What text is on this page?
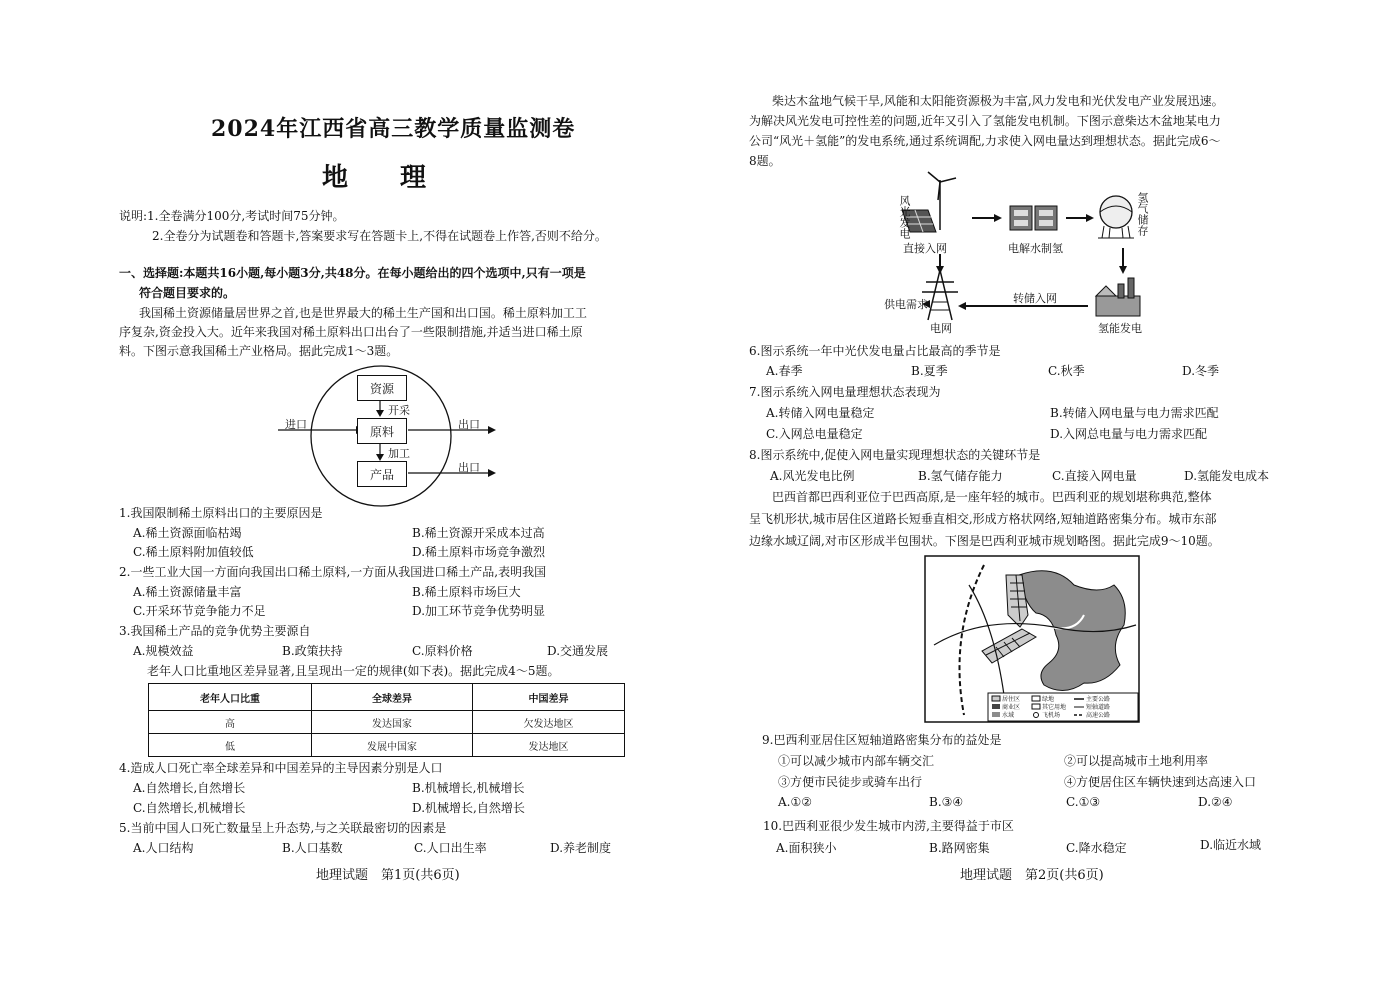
2024年江西省高三教学质量监测卷
地　　理
说明:1.全卷满分100分,考试时间75分钟。
2.全卷分为试题卷和答题卡,答案要求写在答题卡上,不得在试题卷上作答,否则不给分。
一、选择题:本题共16小题,每小题3分,共48分。在每小题给出的四个选项中,只有一项是
符合题目要求的。
我国稀土资源储量居世界之首,也是世界最大的稀土生产国和出口国。稀土原料加工工
序复杂,资金投入大。近年来我国对稀土原料出口出台了一些限制措施,并适当进口稀土原
料。下图示意我国稀土产业格局。据此完成1～3题。
资源
原料
产品
开采
加工
进口	出口
出口
1.我国限制稀土原料出口的主要原因是
A.稀土资源面临枯竭	B.稀土资源开采成本过高
C.稀土原料附加值较低	D.稀土原料市场竞争激烈
2.一些工业大国一方面向我国出口稀土原料,一方面从我国进口稀土产品,表明我国
A.稀土资源储量丰富	B.稀土原料市场巨大
C.开采环节竞争能力不足	D.加工环节竞争优势明显
3.我国稀土产品的竞争优势主要源自
A.规模效益	B.政策扶持	C.原料价格	D.交通发展
老年人口比重地区差异显著,且呈现出一定的规律(如下表)。据此完成4～5题。
老年人口比重	全球差异	中国差异
高	发达国家	欠发达地区
低	发展中国家	发达地区
4.造成人口死亡率全球差异和中国差异的主导因素分别是人口
A.自然增长,自然增长	B.机械增长,机械增长
C.自然增长,机械增长	D.机械增长,自然增长
5.当前中国人口死亡数量呈上升态势,与之关联最密切的因素是
A.人口结构	B.人口基数	C.人口出生率	D.养老制度
地理试题　第1页(共6页)
柴达木盆地气候干旱,风能和太阳能资源极为丰富,风力发电和光伏发电产业发展迅速。
为解决风光发电可控性差的问题,近年又引入了氢能发电机制。下图示意柴达木盆地某电力
公司“风光＋氢能”的发电系统,通过系统调配,力求使入网电量达到理想状态。据此完成6～
8题。
风光发电
直接入网	电解水制氢
氢气储存
氢能发电
转储入网
供电需求
电网
6.图示系统一年中光伏发电量占比最高的季节是
A.春季	B.夏季	C.秋季	D.冬季
7.图示系统入网电量理想状态表现为
A.转储入网电量稳定	B.转储入网电量与电力需求匹配
C.入网总电量稳定	D.入网总电量与电力需求匹配
8.图示系统中,促使入网电量实现理想状态的关键环节是
A.风光发电比例	B.氢气储存能力	C.直接入网电量	D.氢能发电成本
巴西首都巴西利亚位于巴西高原,是一座年轻的城市。巴西利亚的规划堪称典范,整体
呈飞机形状,城市居住区道路长短垂直相交,形成方格状网络,短轴道路密集分布。城市东部
边缘水域辽阔,对市区形成半包围状。下图是巴西利亚城市规划略图。据此完成9～10题。
居住区
商业区
水域
绿地
其它用地
飞机场
主要公路
短轴道路
高速公路
9.巴西利亚居住区短轴道路密集分布的益处是
①可以减少城市内部车辆交汇	②可以提高城市土地利用率
③方便市民徒步或骑车出行	④方便居住区车辆快速到达高速入口
A.①②	B.③④	C.①③	D.②④
10.巴西利亚很少发生城市内涝,主要得益于市区
A.面积狭小	B.路网密集	C.降水稳定	D.临近水域
地理试题　第2页(共6页)
